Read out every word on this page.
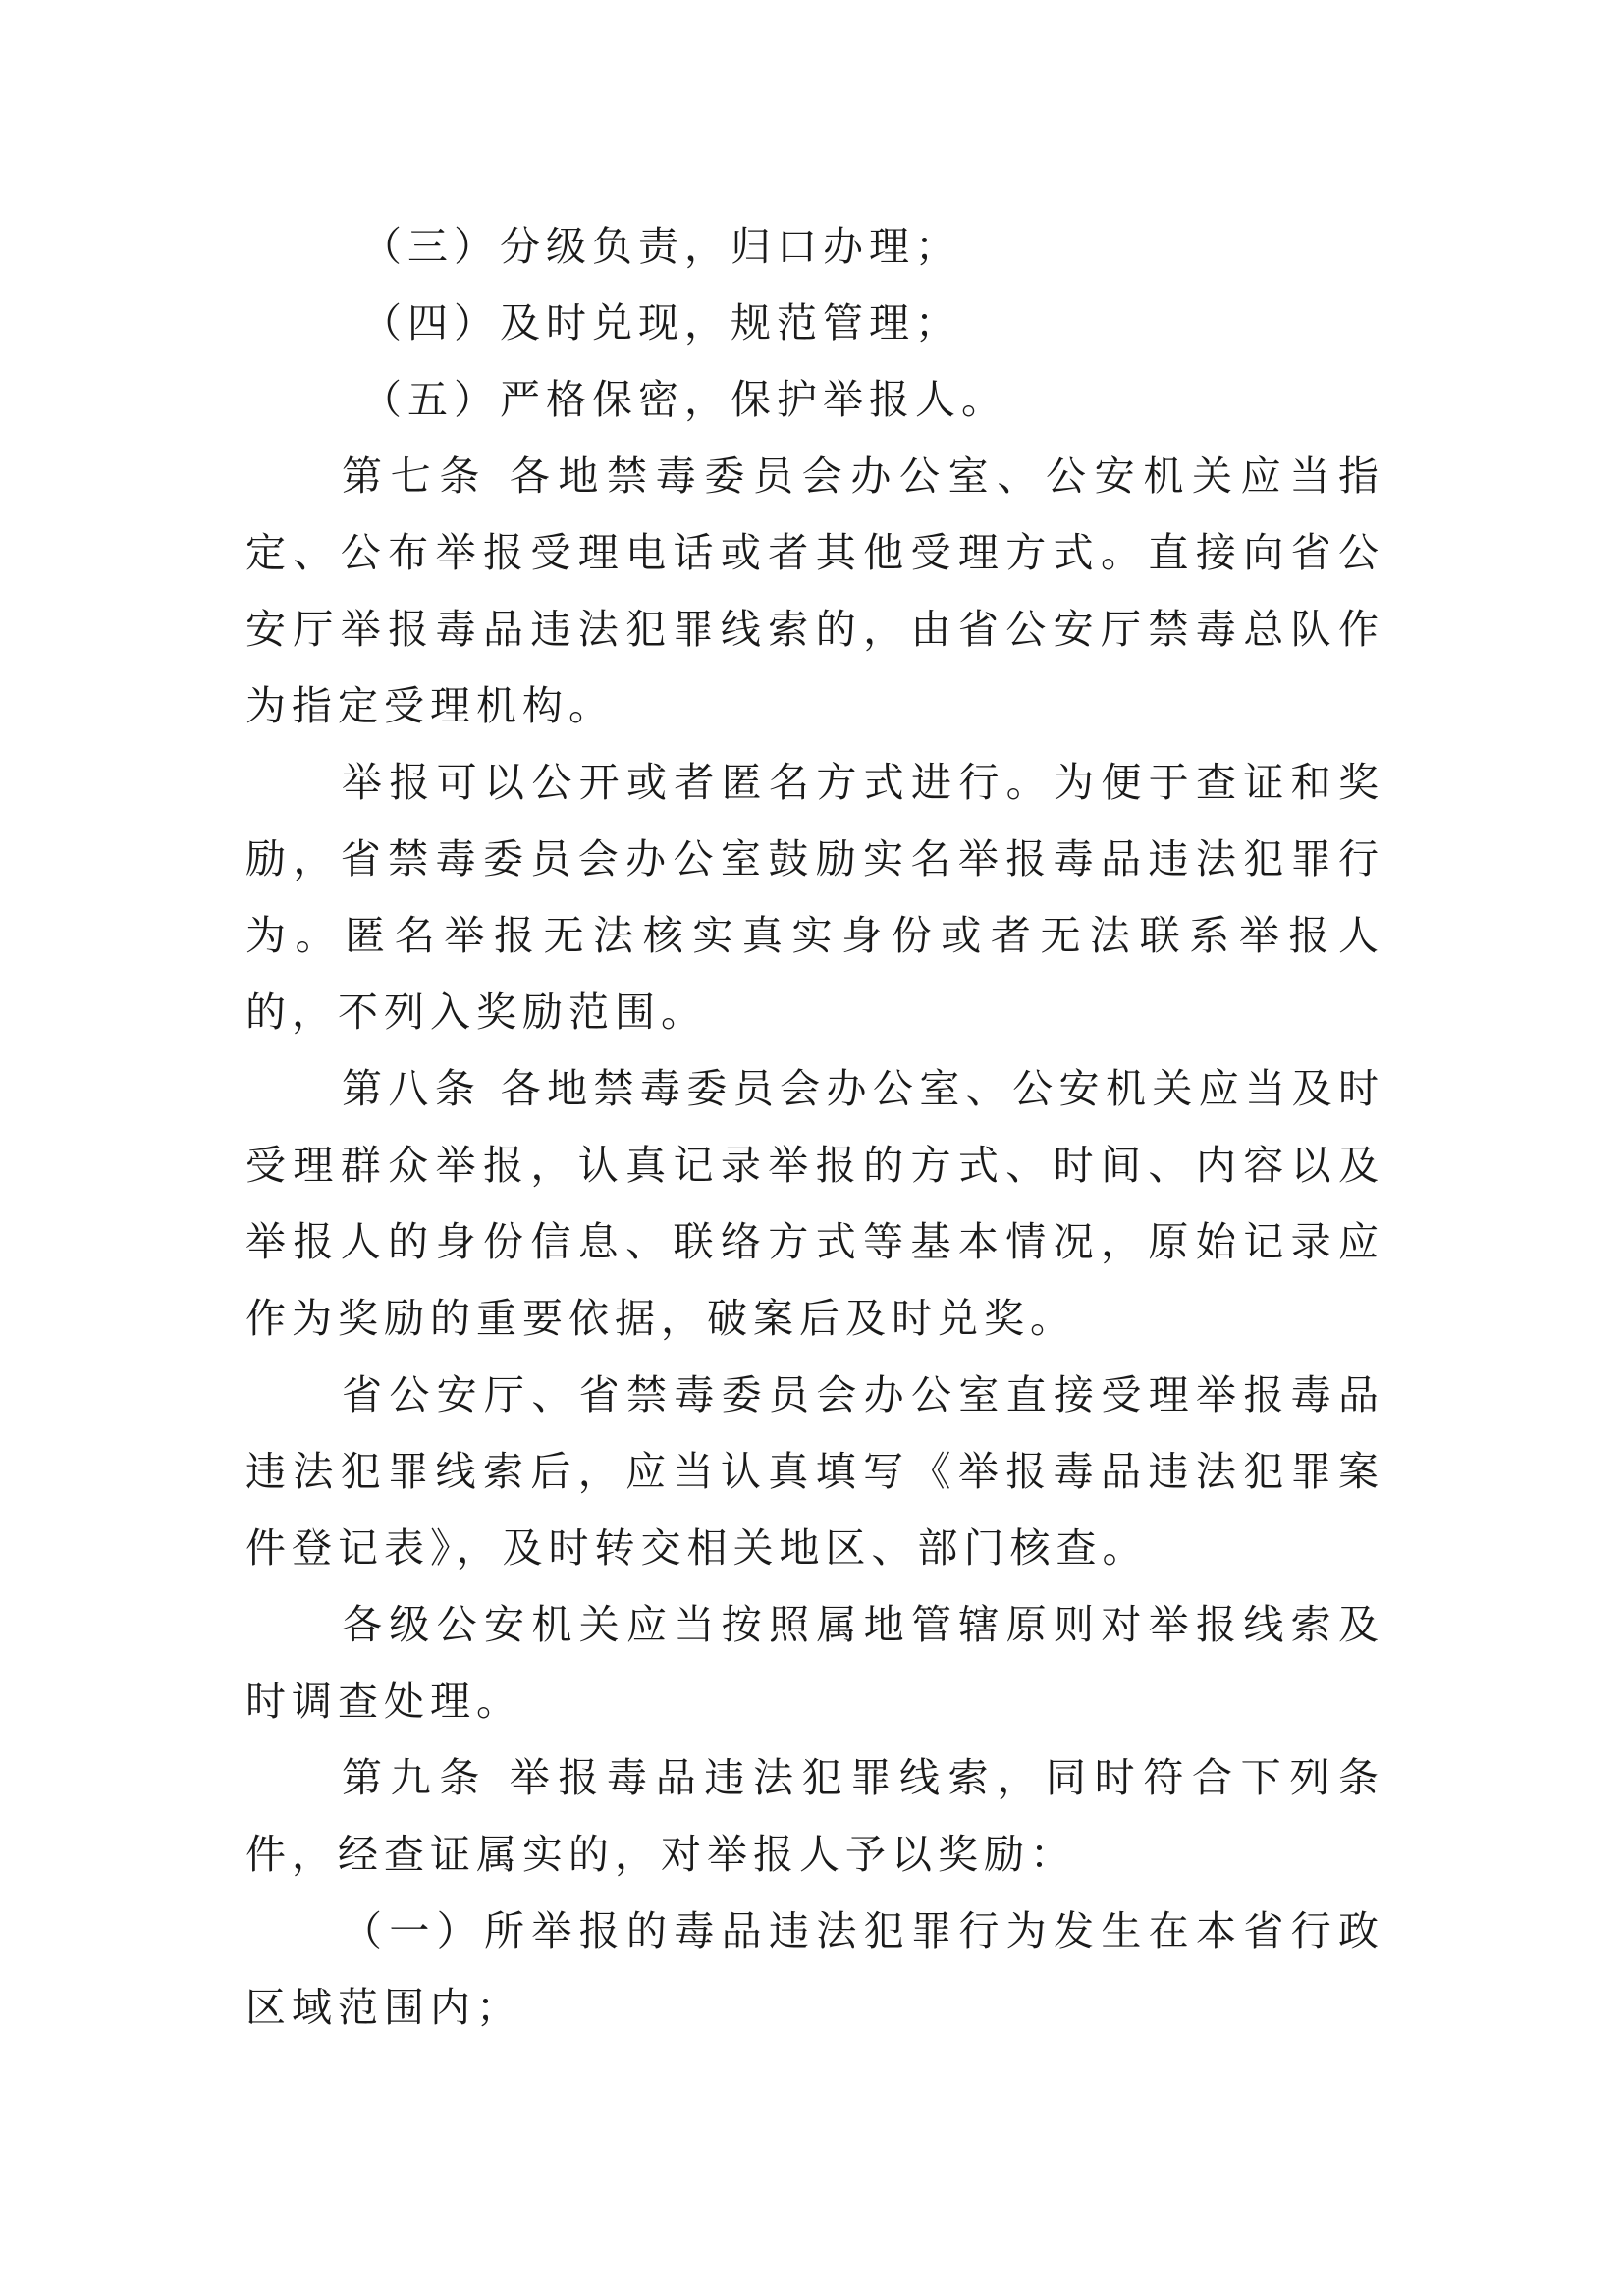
（三）分级负责，归口办理；

（四）及时兑现，规范管理；

（五）严格保密，保护举报人。

第七条 各地禁毒委员会办公室、公安机关应当指定、公布举报受理电话或者其他受理方式。直接向省公安厅举报毒品违法犯罪线索的，由省公安厅禁毒总队作为指定受理机构。

举报可以公开或者匿名方式进行。为便于查证和奖励，省禁毒委员会办公室鼓励实名举报毒品违法犯罪行为。匿名举报无法核实真实身份或者无法联系举报人的，不列入奖励范围。

第八条 各地禁毒委员会办公室、公安机关应当及时受理群众举报，认真记录举报的方式、时间、内容以及举报人的身份信息、联络方式等基本情况，原始记录应作为奖励的重要依据，破案后及时兑奖。

省公安厅、省禁毒委员会办公室直接受理举报毒品违法犯罪线索后，应当认真填写《举报毒品违法犯罪案件登记表》，及时转交相关地区、部门核查。

各级公安机关应当按照属地管辖原则对举报线索及时调查处理。

第九条 举报毒品违法犯罪线索，同时符合下列条件，经查证属实的，对举报人予以奖励：

（一）所举报的毒品违法犯罪行为发生在本省行政区域范围内；
